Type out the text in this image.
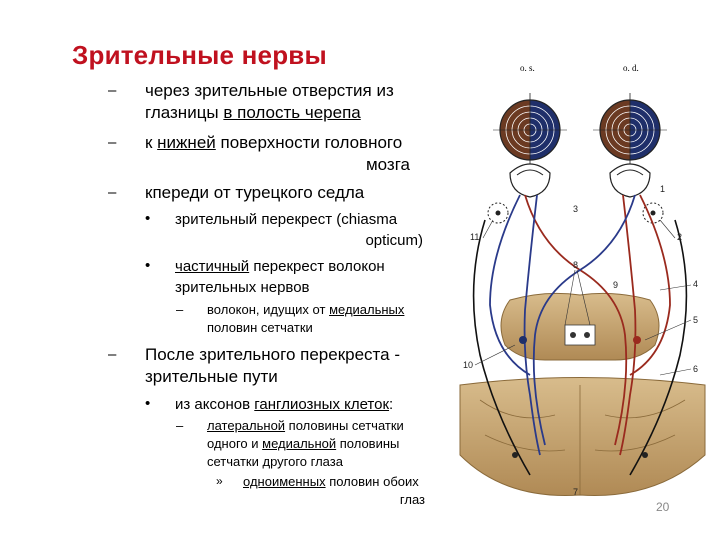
Зрительные нервы
– через зрительные отверстия из
глазницы в полость черепа
– к нижней поверхности головного

мозга
– кпереди от турецкого седла
• зрительный перекрест (chiasma

opticum)
• частичный перекрест волокон
зрительных нервов
– волокон, идущих от медиальных
половин сетчатки
– После зрительного перекреста -
зрительные пути
• из аксонов ганглиозных клеток:
– латеральной половины сетчатки
одного и медиальной половины
сетчатки другого глаза
» одноименных половин обоих

глаз
o. s.	o. d.
1
2
3
4
5
6
7
8
9
10
11
20
